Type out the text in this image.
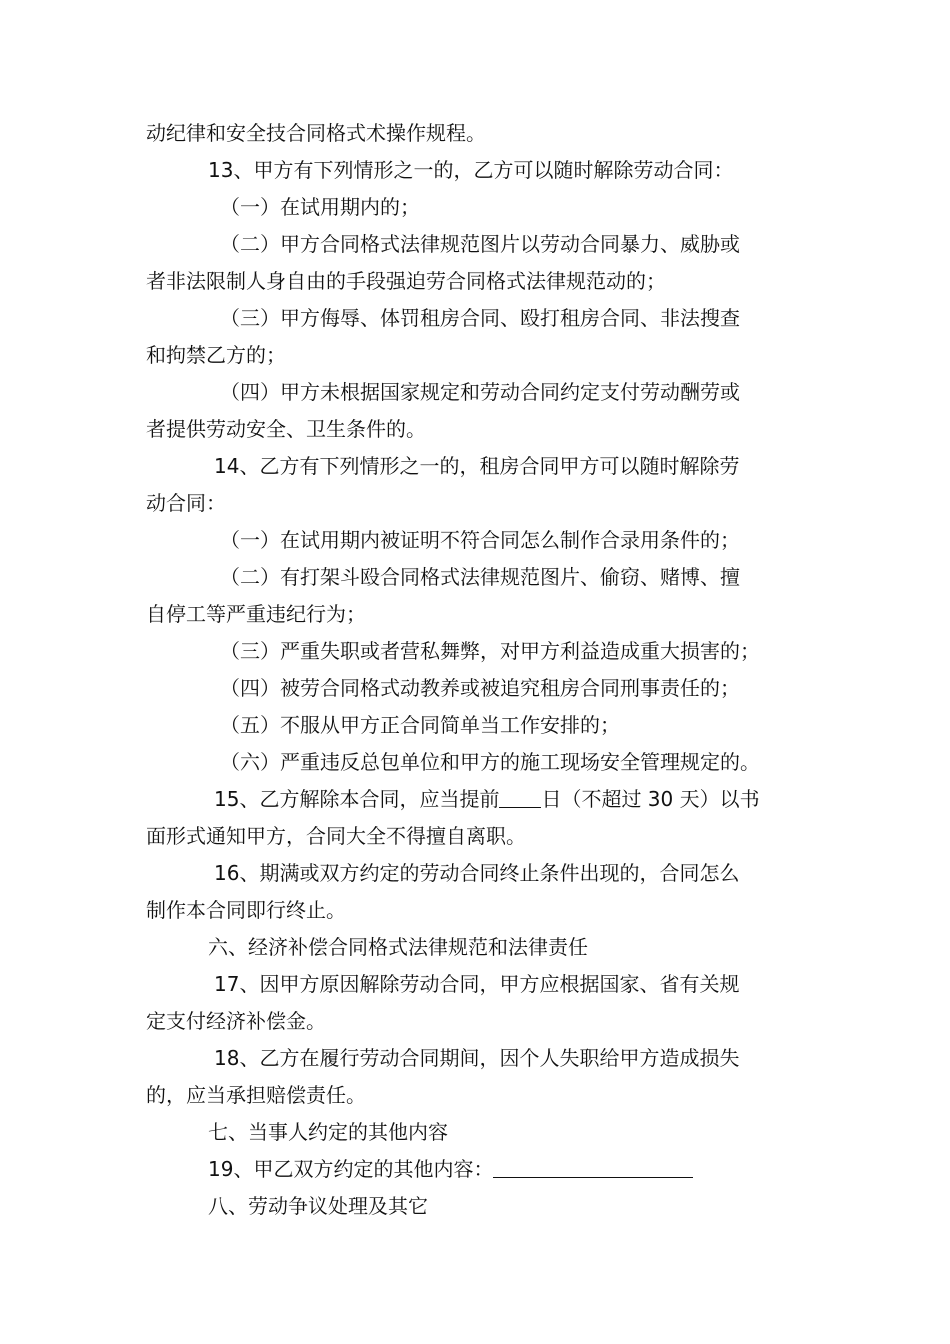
动纪律和安全技合同格式术操作规程。
13、甲方有下列情形之一的，乙方可以随时解除劳动合同：
（一）在试用期内的；
（二）甲方合同格式法律规范图片以劳动合同暴力、威胁或
者非法限制人身自由的手段强迫劳合同格式法律规范动的；
（三）甲方侮辱、体罚租房合同、殴打租房合同、非法搜查
和拘禁乙方的；
（四）甲方未根据国家规定和劳动合同约定支付劳动酬劳或
者提供劳动安全、卫生条件的。
14、乙方有下列情形之一的，租房合同甲方可以随时解除劳
动合同：
（一）在试用期内被证明不符合同怎么制作合录用条件的；
（二）有打架斗殴合同格式法律规范图片、偷窃、赌博、擅
自停工等严重违纪行为；
（三）严重失职或者营私舞弊，对甲方利益造成重大损害的；
（四）被劳合同格式动教养或被追究租房合同刑事责任的；
（五）不服从甲方正合同简单当工作安排的；
（六）严重违反总包单位和甲方的施工现场安全管理规定的。
15、乙方解除本合同，应当提前 日（不超过 30 天）以书
面形式通知甲方，合同大全不得擅自离职。
16、期满或双方约定的劳动合同终止条件出现的，合同怎么
制作本合同即行终止。
六、经济补偿合同格式法律规范和法律责任
17、因甲方原因解除劳动合同，甲方应根据国家、省有关规
定支付经济补偿金。
18、乙方在履行劳动合同期间，因个人失职给甲方造成损失
的，应当承担赔偿责任。
七、当事人约定的其他内容
19、甲乙双方约定的其他内容：
八、劳动争议处理及其它
